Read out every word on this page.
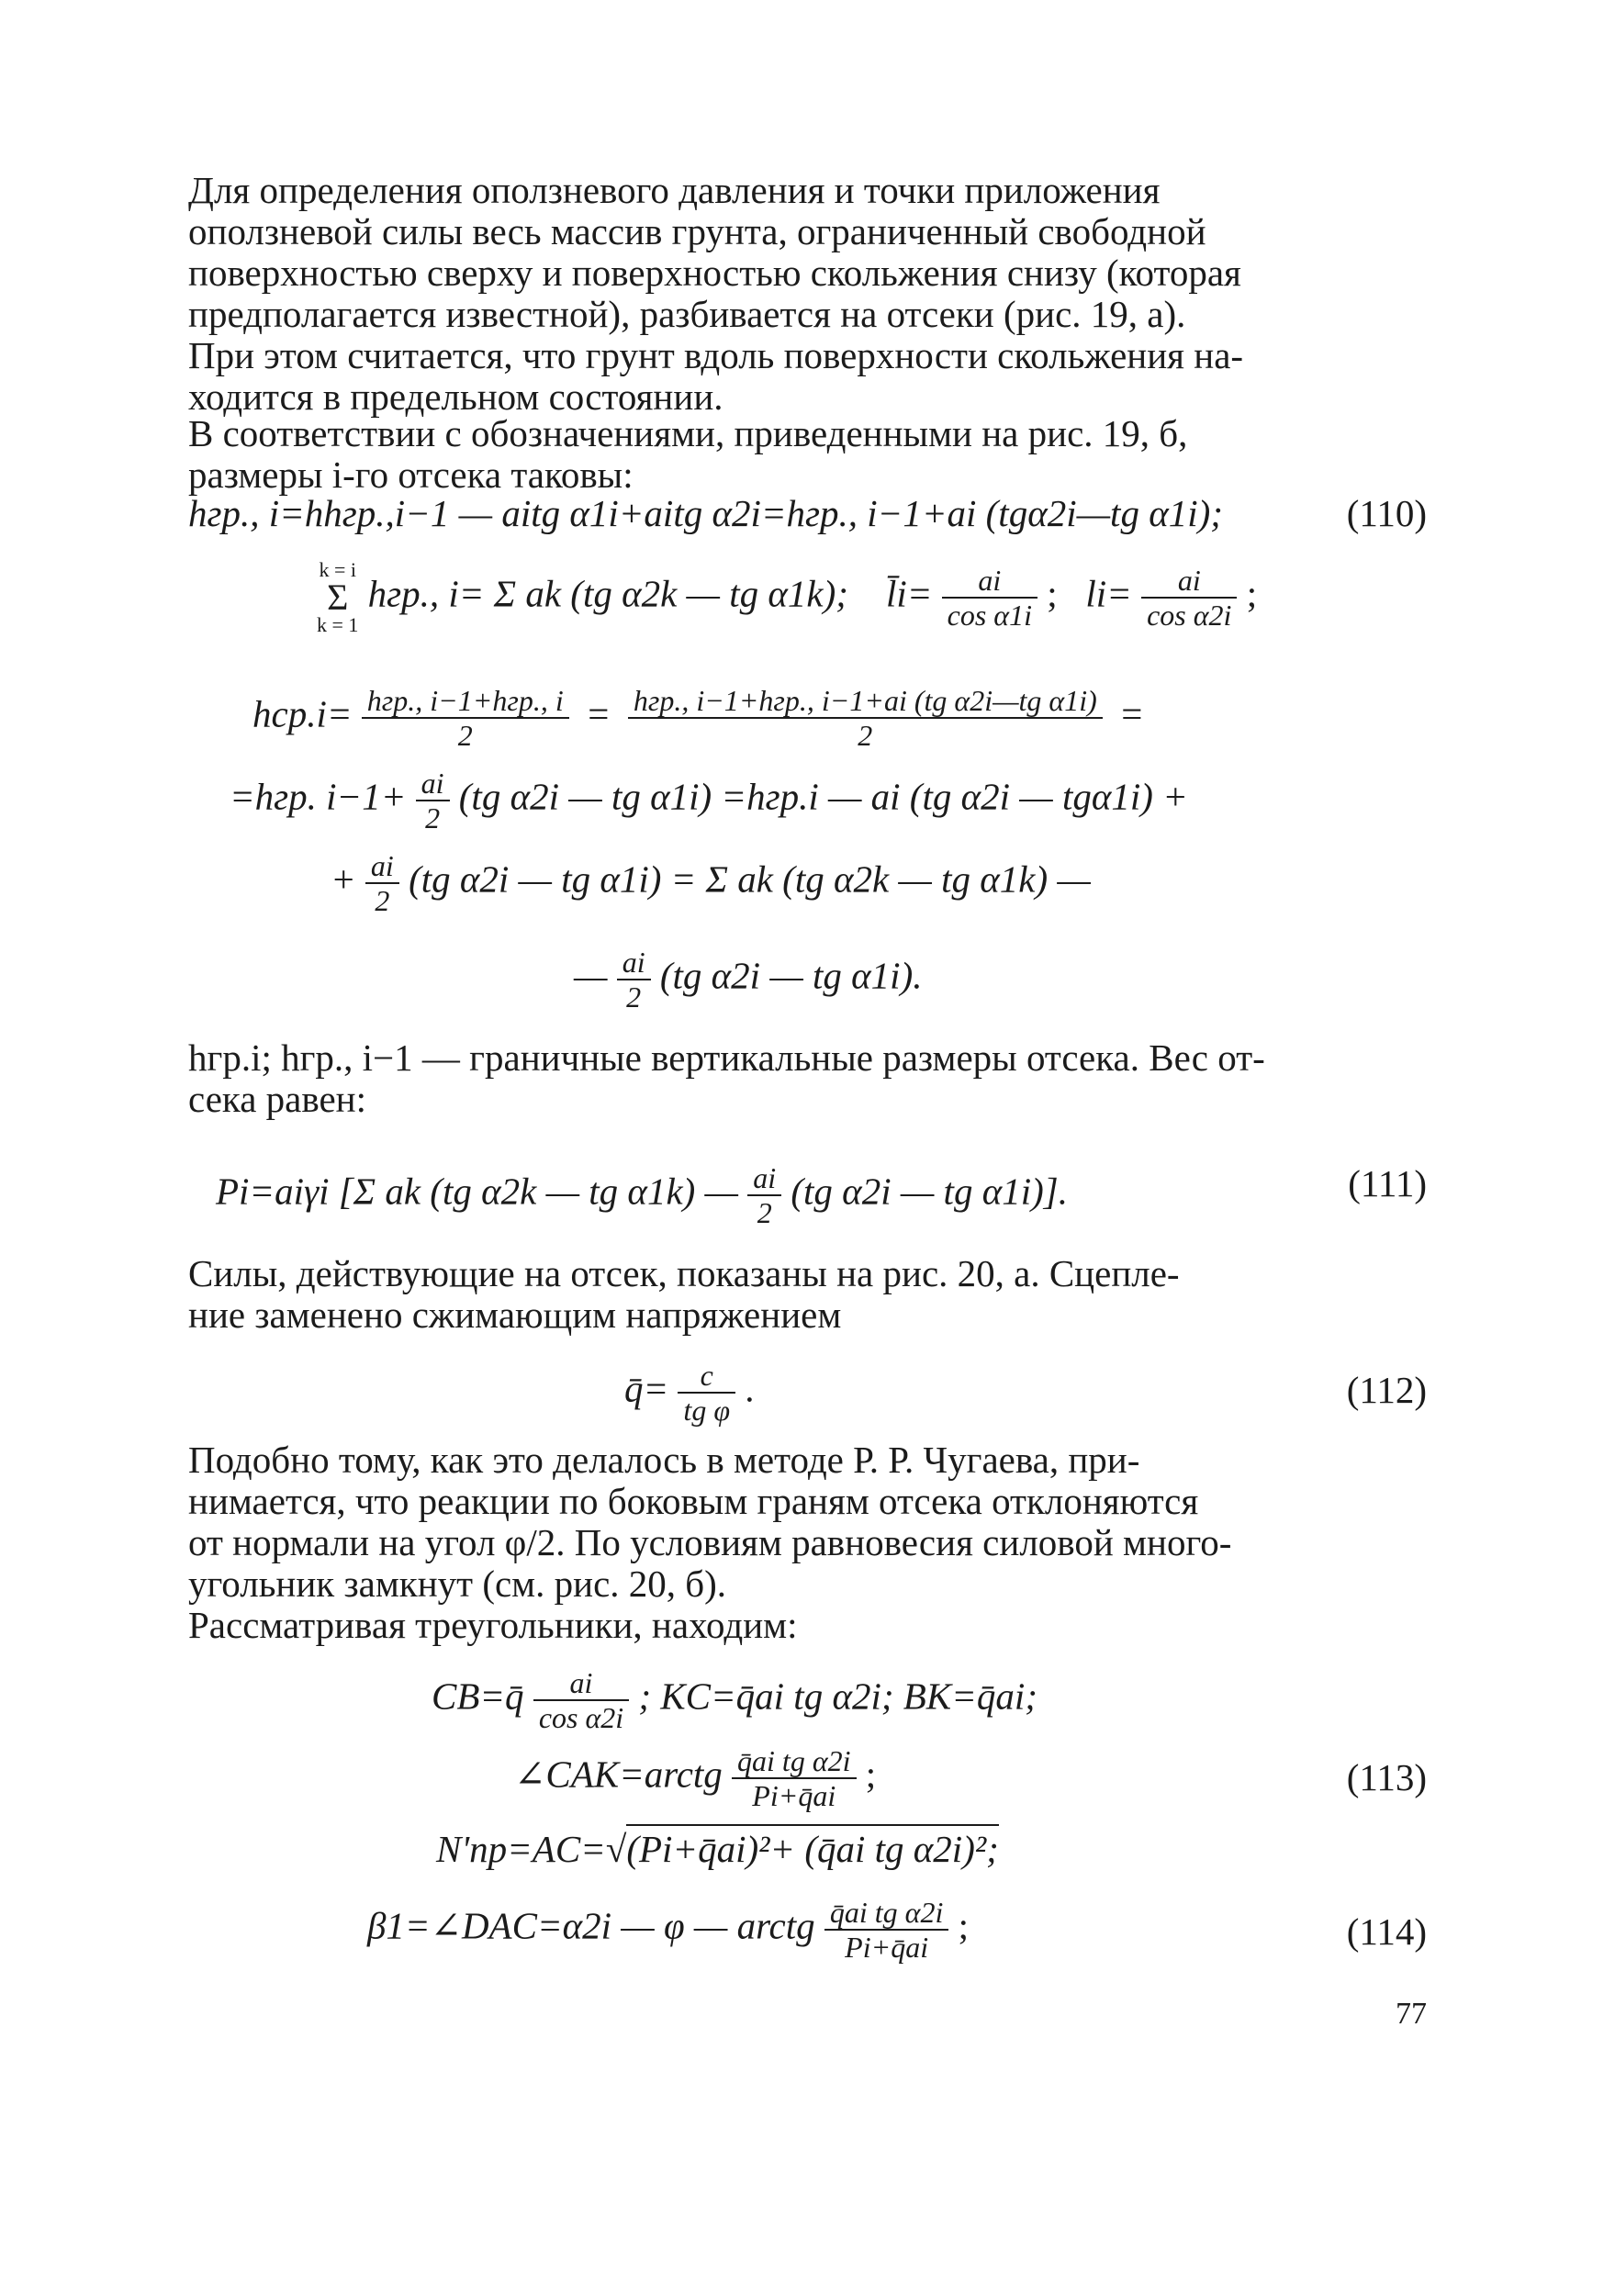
Для определения оползневого давления и точки приложения
оползневой силы весь массив грунта, ограниченный свободной
поверхностью сверху и поверхностью скольжения снизу (которая
предполагается известной), разбивается на отсеки (рис. 19, а).
При этом считается, что грунт вдоль поверхности скольжения на-
ходится в предельном состоянии.
В соответствии с обозначениями, приведенными на рис. 19, б,
размеры i-го отсека таковы:
hгр., i=hhгр.,i−1 — aitg α1i+aitg α2i=hгр., i−1+ai (tgα2i—tg α1i);	(110)
k = i
Σ
k = 1 hгр., i= Σ ak (tg α2k — tg α1k); l̄i= $\frac{ai}{\text{cos α1i}}$ ;   $li= \frac{ai}{\text{cos α2i}}$ ;
$hср.i= \frac{\text{hгр., i−1+hгр., i}}{2} = \frac{\text{hгр., i−1+hгр., i−1+ai (tg α2i—tg α1i)}}{2}$ =
=hгр. $i-1+ \frac{ai}{2} (tg$ α2i — tg α1i) =hгр.i — ai (tg α2i — tgα1i) +
+ $\frac{ai}{2} (tg$ α2i — tg α1i) = Σ ak (tg α2k — tg α1k) —
— $\frac{ai}{2} (tg$ α2i — tg α1i).
hгр.i; hгр., i−1 — граничные вертикальные размеры отсека. Вес от-
сека равен:
Pi=aiγi [Σ ak (tg α2k — tg α1k) — $\frac{ai}{2} (tg$ α2i — tg α1i)].	(111)
Силы, действующие на отсек, показаны на рис. 20, а. Сцепле-
ние заменено сжимающим напряжением
q̄= $\frac{c}{\text{tg φ}}$ .	(112)
Подобно тому, как это делалось в методе Р. Р. Чугаева, при-
нимается, что реакции по боковым граням отсека отклоняются
от нормали на угол φ/2. По условиям равновесия силовой много-
угольник замкнут (см. рис. 20, б).
Рассматривая треугольники, находим:
CB=q̄ $\frac{ai}{\text{cos α2i}}$ ; KC=q̄ai tg α2i; BK=q̄ai;
∠CAK=arctg $\frac{\text{q̄ai tg α2i}}{Pi+q̄ai}$ ;	(113)
N'пр=AC=√(Pi+q̄ai)²+ (q̄ai tg α2i)²;
β1=∠DAC=α2i — φ — arctg $\frac{\text{q̄ai tg α2i}}{Pi+q̄ai}$ ;	(114)
77
